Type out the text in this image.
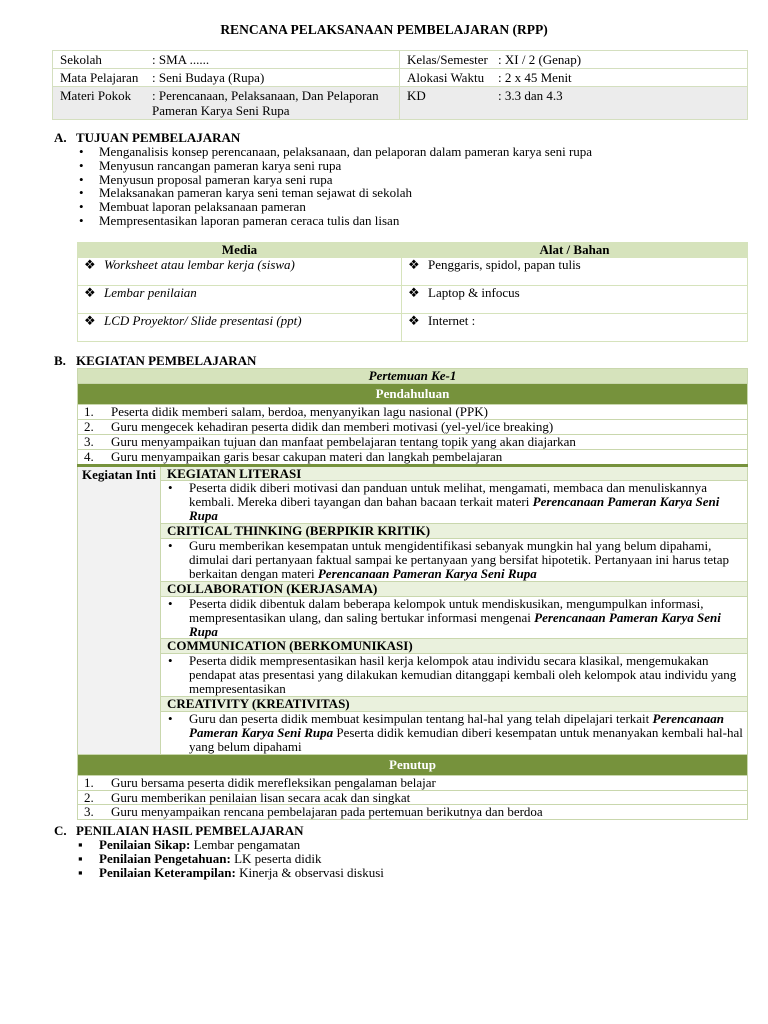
RENCANA PELAKSANAAN PEMBELAJARAN (RPP)
Sekolah : SMA ......	Kelas/Semester : XI / 2 (Genap)
Mata Pelajaran : Seni Budaya (Rupa)	Alokasi Waktu : 2 x 45 Menit
Materi Pokok : Perencanaan, Pelaksanaan, Dan Pelaporan Pameran Karya Seni Rupa	KD : 3.3 dan 4.3
A. TUJUAN PEMBELAJARAN
• Menganalisis konsep perencanaan, pelaksanaan, dan pelaporan dalam pameran karya seni rupa
• Menyusun rancangan pameran karya seni rupa
• Menyusun proposal pameran karya seni rupa
• Melaksanakan pameran karya seni teman sejawat di sekolah
• Membuat laporan pelaksanaan pameran
• Mempresentasikan laporan pameran ceraca tulis dan lisan
Media	Alat / Bahan
❖ Worksheet atau lembar kerja (siswa)	❖ Penggaris, spidol, papan tulis
❖ Lembar penilaian	❖ Laptop & infocus
❖ LCD Proyektor/ Slide presentasi (ppt)	❖ Internet :
B. KEGIATAN PEMBELAJARAN
Pertemuan Ke-1
Pendahuluan
1. Peserta didik memberi salam, berdoa, menyanyikan lagu nasional (PPK)
2. Guru mengecek kehadiran peserta didik dan memberi motivasi (yel-yel/ice breaking)
3. Guru menyampaikan tujuan dan manfaat pembelajaran tentang topik yang akan diajarkan
4. Guru menyampaikan garis besar cakupan materi dan langkah pembelajaran
Kegiatan Inti	KEGIATAN LITERASI
• Peserta didik diberi motivasi dan panduan untuk melihat, mengamati, membaca dan menuliskannya kembali. Mereka diberi tayangan dan bahan bacaan terkait materi Perencanaan Pameran Karya Seni Rupa
CRITICAL THINKING (BERPIKIR KRITIK)
• Guru memberikan kesempatan untuk mengidentifikasi sebanyak mungkin hal yang belum dipahami, dimulai dari pertanyaan faktual sampai ke pertanyaan yang bersifat hipotetik. Pertanyaan ini harus tetap berkaitan dengan materi Perencanaan Pameran Karya Seni Rupa
COLLABORATION (KERJASAMA)
• Peserta didik dibentuk dalam beberapa kelompok untuk mendiskusikan, mengumpulkan informasi, mempresentasikan ulang, dan saling bertukar informasi mengenai Perencanaan Pameran Karya Seni Rupa
COMMUNICATION (BERKOMUNIKASI)
• Peserta didik mempresentasikan hasil kerja kelompok atau individu secara klasikal, mengemukakan pendapat atas presentasi yang dilakukan kemudian ditanggapi kembali oleh kelompok atau individu yang mempresentasikan
CREATIVITY (KREATIVITAS)
• Guru dan peserta didik membuat kesimpulan tentang hal-hal yang telah dipelajari terkait Perencanaan Pameran Karya Seni Rupa Peserta didik kemudian diberi kesempatan untuk menanyakan kembali hal-hal yang belum dipahami
Penutup
1. Guru bersama peserta didik merefleksikan pengalaman belajar
2. Guru memberikan penilaian lisan secara acak dan singkat
3. Guru menyampaikan rencana pembelajaran pada pertemuan berikutnya dan berdoa
C. PENILAIAN HASIL PEMBELAJARAN
▪ Penilaian Sikap: Lembar pengamatan
▪ Penilaian Pengetahuan: LK peserta didik
▪ Penilaian Keterampilan: Kinerja & observasi diskusi
